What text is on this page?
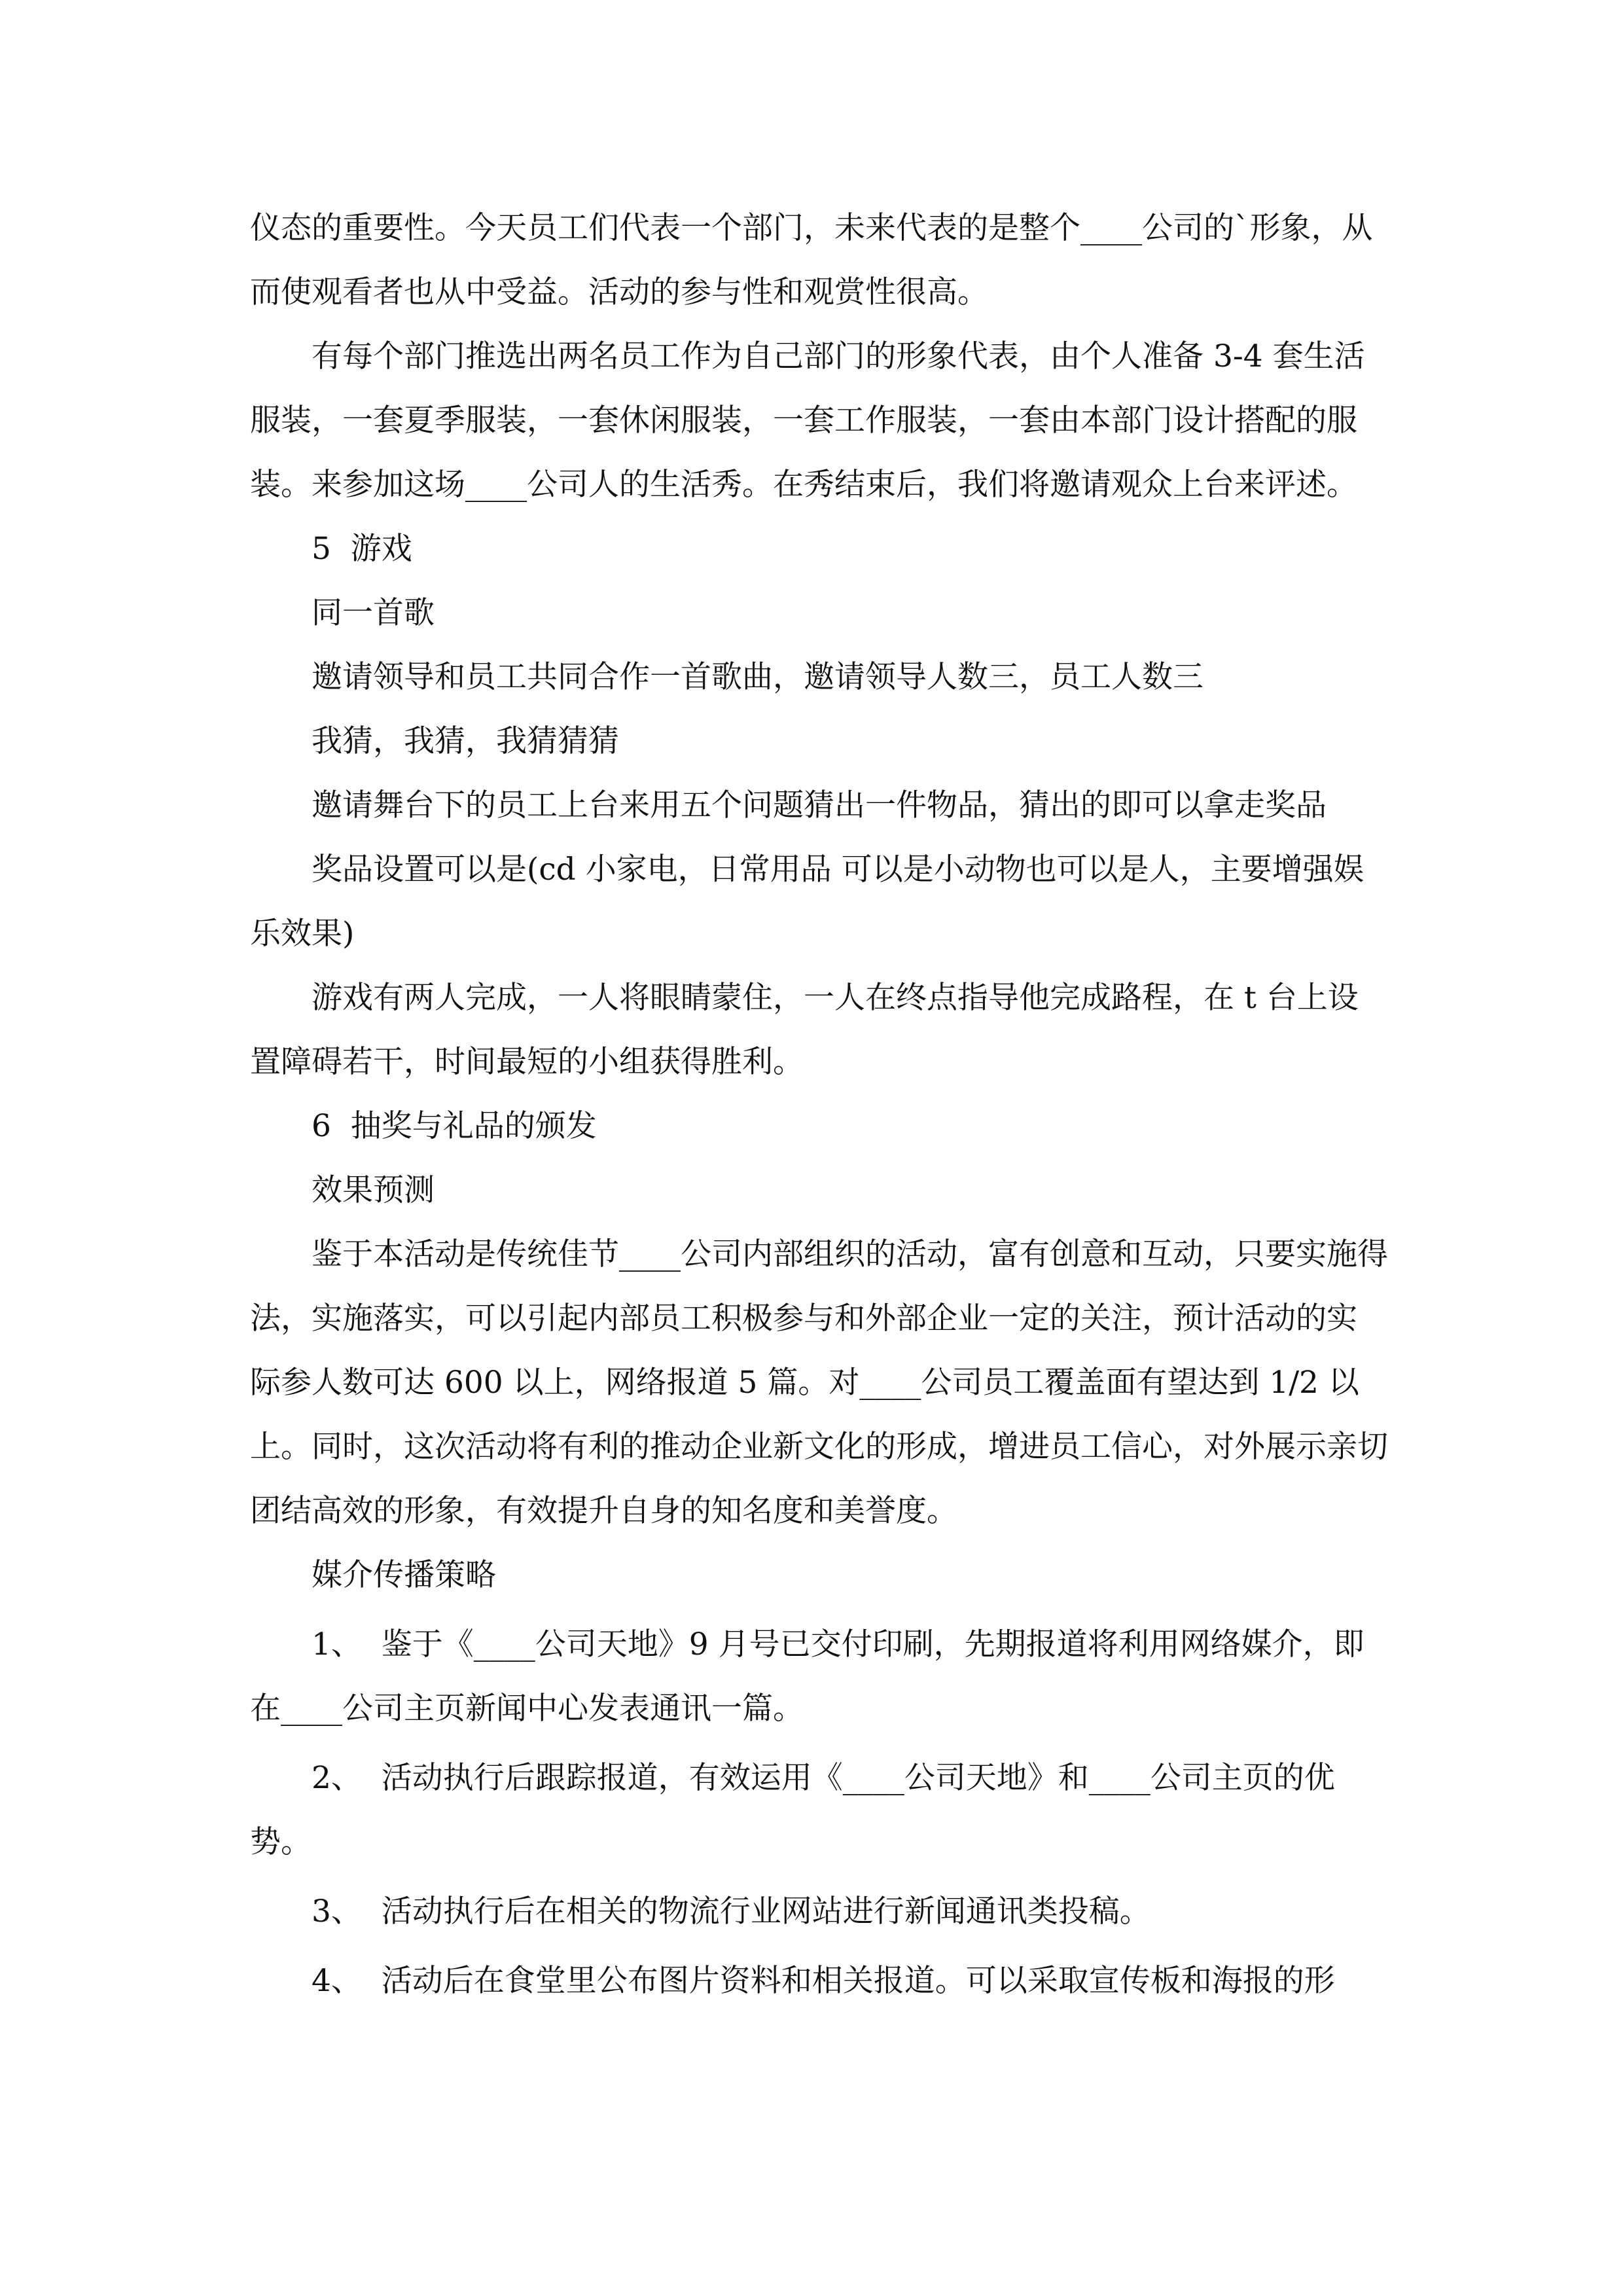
仪态的重要性。今天员工们代表一个部门，未来代表的是整个____公司的`形象，从而使观看者也从中受益。活动的参与性和观赏性很高。

有每个部门推选出两名员工作为自己部门的形象代表，由个人准备 3-4 套生活服装，一套夏季服装，一套休闲服装，一套工作服装，一套由本部门设计搭配的服装。来参加这场____公司人的生活秀。在秀结束后，我们将邀请观众上台来评述。

5  游戏

同一首歌

邀请领导和员工共同合作一首歌曲，邀请领导人数三，员工人数三

我猜，我猜，我猜猜猜

邀请舞台下的员工上台来用五个问题猜出一件物品，猜出的即可以拿走奖品

奖品设置可以是(cd 小家电，日常用品 可以是小动物也可以是人，主要增强娱乐效果)

游戏有两人完成，一人将眼睛蒙住，一人在终点指导他完成路程，在 t 台上设置障碍若干，时间最短的小组获得胜利。

6  抽奖与礼品的颁发

效果预测

鉴于本活动是传统佳节____公司内部组织的活动，富有创意和互动，只要实施得法，实施落实，可以引起内部员工积极参与和外部企业一定的关注，预计活动的实  际参人数可达 600 以上，网络报道 5 篇。对____公司员工覆盖面有望达到 1/2 以上。同时，这次活动将有利的推动企业新文化的形成，增进员工信心，对外展示亲切  团结高效的形象，有效提升自身的知名度和美誉度。

媒介传播策略

1、  鉴于《____公司天地》9 月号已交付印刷，先期报道将利用网络媒介，即在____公司主页新闻中心发表通讯一篇。

2、  活动执行后跟踪报道，有效运用《____公司天地》和____公司主页的优势。

3、  活动执行后在相关的物流行业网站进行新闻通讯类投稿。

4、  活动后在食堂里公布图片资料和相关报道。可以采取宣传板和海报的形
